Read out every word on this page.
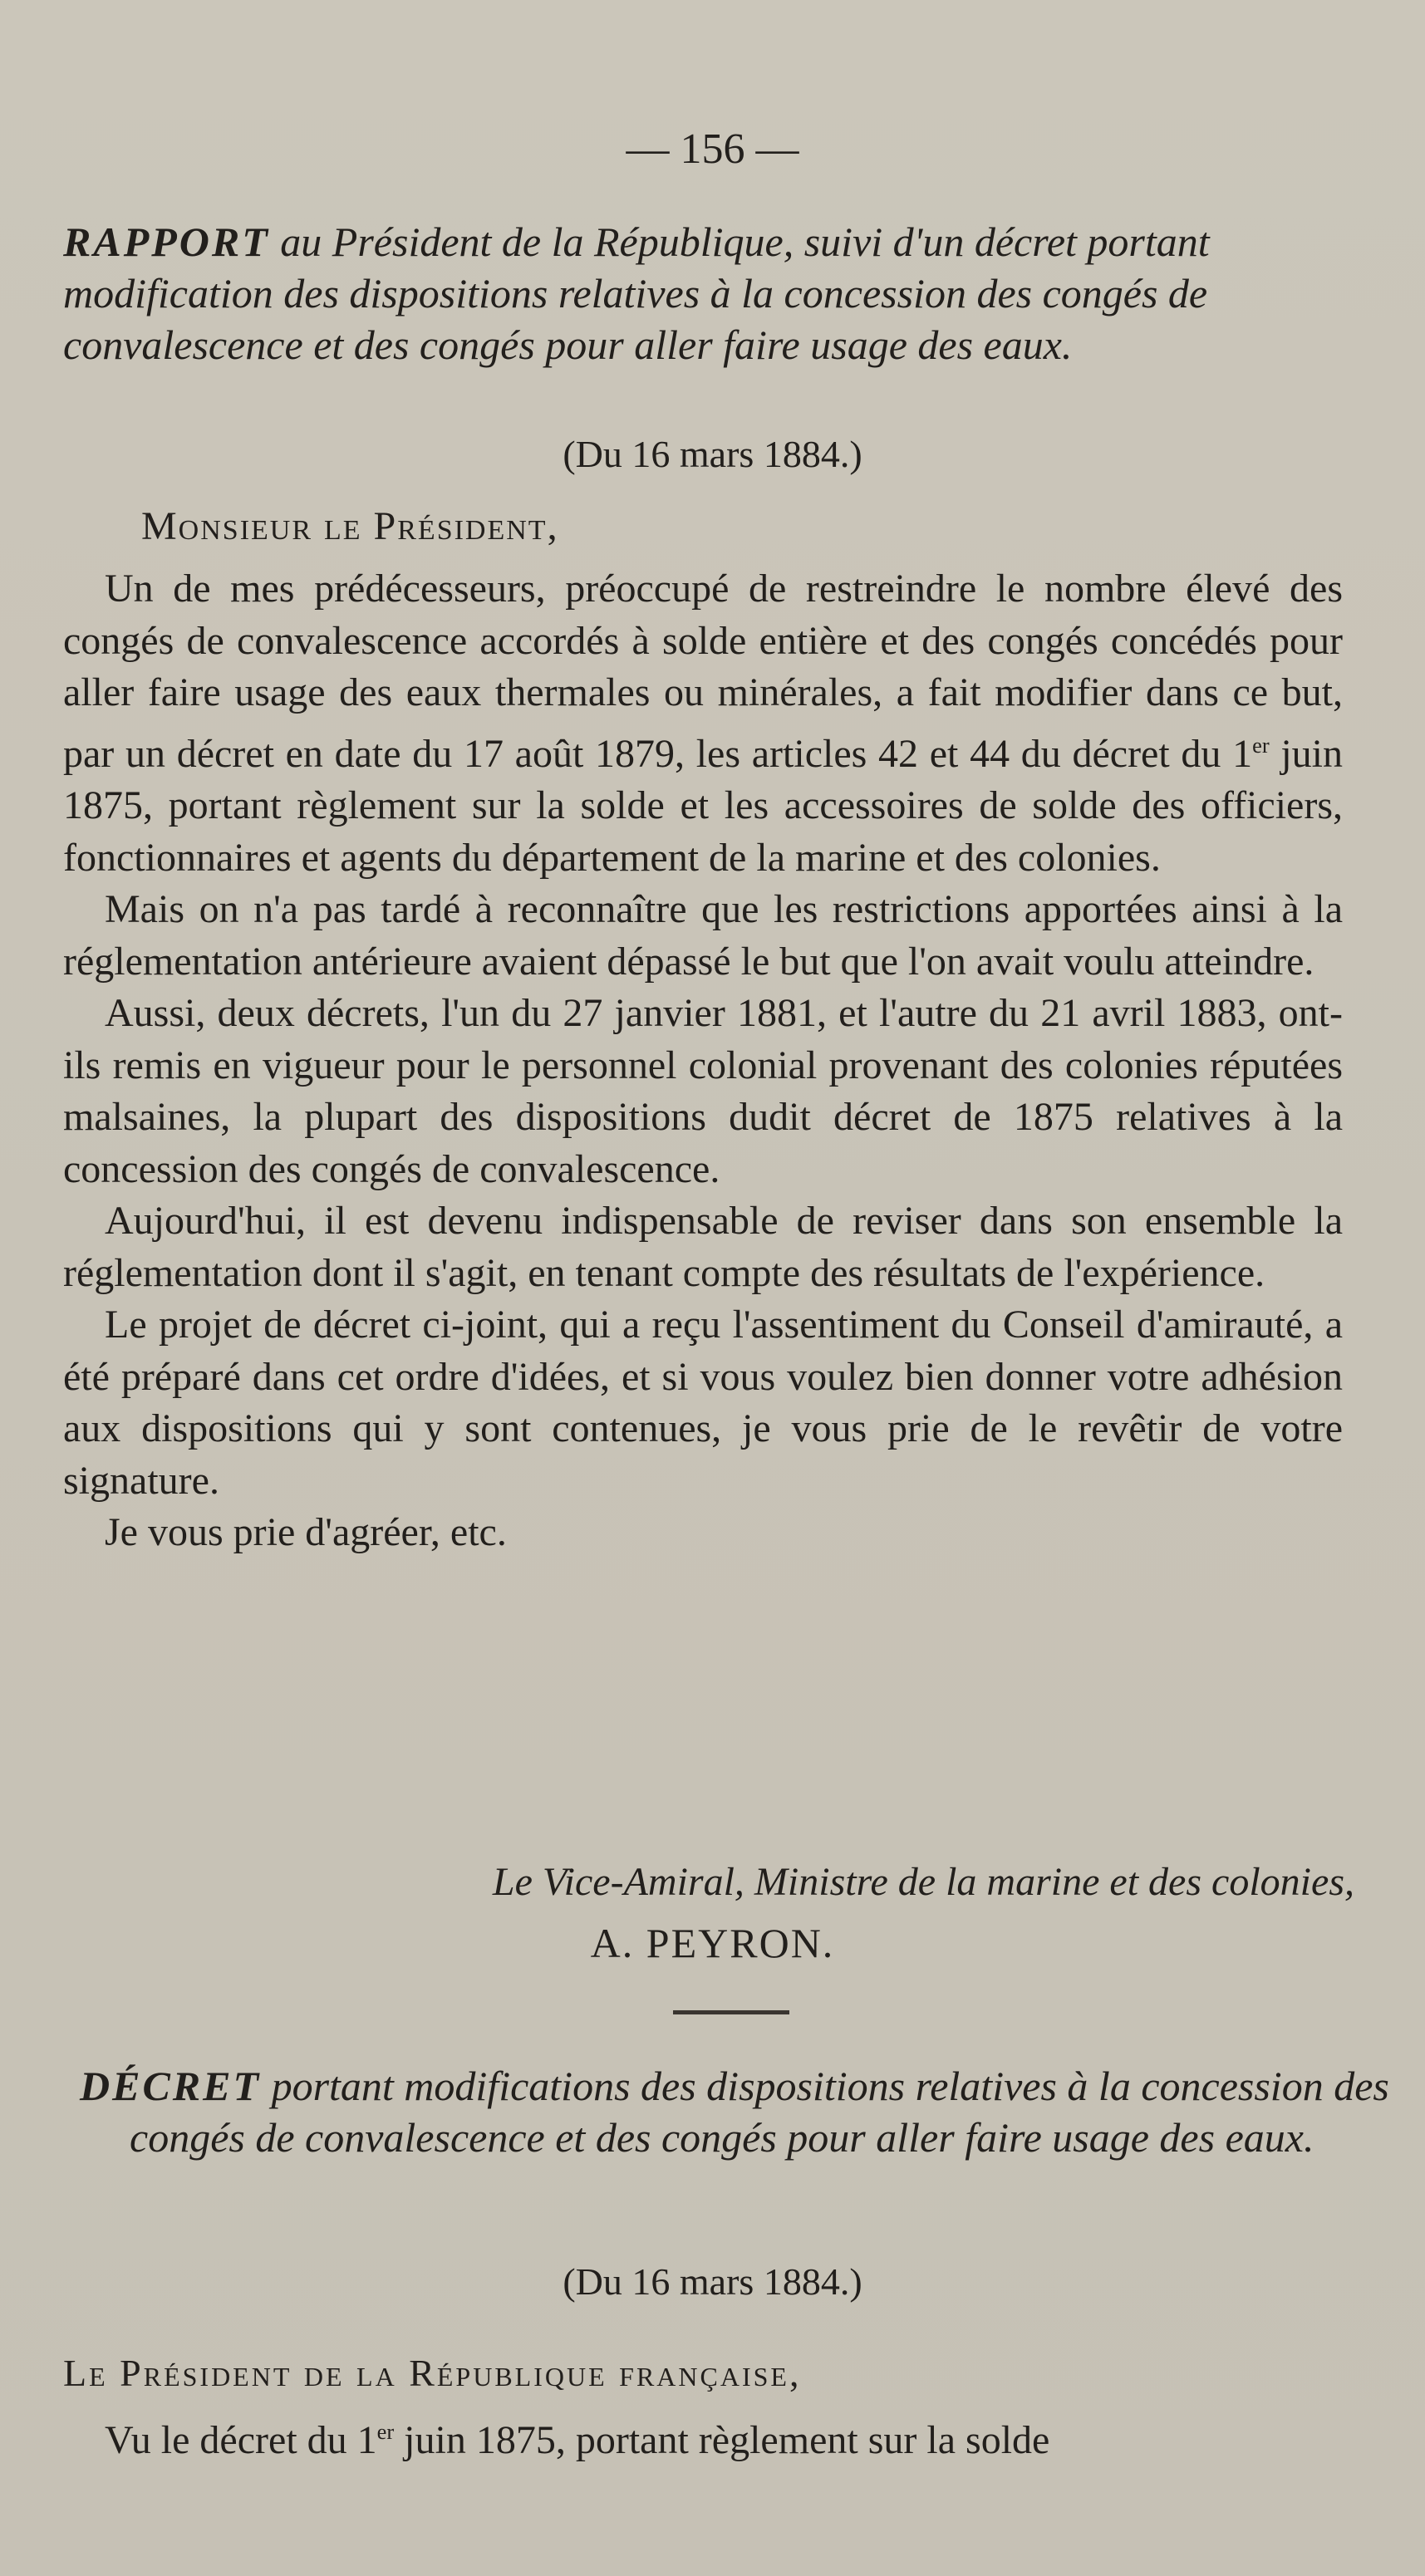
— 156 —
RAPPORT au Président de la République, suivi d'un décret portant modification des dispositions relatives à la concession des congés de convalescence et des congés pour aller faire usage des eaux.
(Du 16 mars 1884.)
Monsieur le Président,

Un de mes prédécesseurs, préoccupé de restreindre le nombre élevé des congés de convalescence accordés à solde entière et des congés concédés pour aller faire usage des eaux thermales ou minérales, a fait modifier dans ce but, par un décret en date du 17 août 1879, les articles 42 et 44 du décret du 1er juin 1875, portant règlement sur la solde et les accessoires de solde des officiers, fonctionnaires et agents du département de la marine et des colonies.

Mais on n'a pas tardé à reconnaître que les restrictions apportées ainsi à la réglementation antérieure avaient dépassé le but que l'on avait voulu atteindre.

Aussi, deux décrets, l'un du 27 janvier 1881, et l'autre du 21 avril 1883, ont-ils remis en vigueur pour le personnel colonial provenant des colonies réputées malsaines, la plupart des dispositions dudit décret de 1875 relatives à la concession des congés de convalescence.

Aujourd'hui, il est devenu indispensable de reviser dans son ensemble la réglementation dont il s'agit, en tenant compte des résultats de l'expérience.

Le projet de décret ci-joint, qui a reçu l'assentiment du Conseil d'amirauté, a été préparé dans cet ordre d'idées, et si vous voulez bien donner votre adhésion aux dispositions qui y sont contenues, je vous prie de le revêtir de votre signature.

Je vous prie d'agréer, etc.

Le Vice-Amiral, Ministre de la marine et des colonies,
A. PEYRON.
DÉCRET portant modifications des dispositions relatives à la concession des congés de convalescence et des congés pour aller faire usage des eaux.
(Du 16 mars 1884.)
Le Président de la République française,
Vu le décret du 1er juin 1875, portant règlement sur la solde
